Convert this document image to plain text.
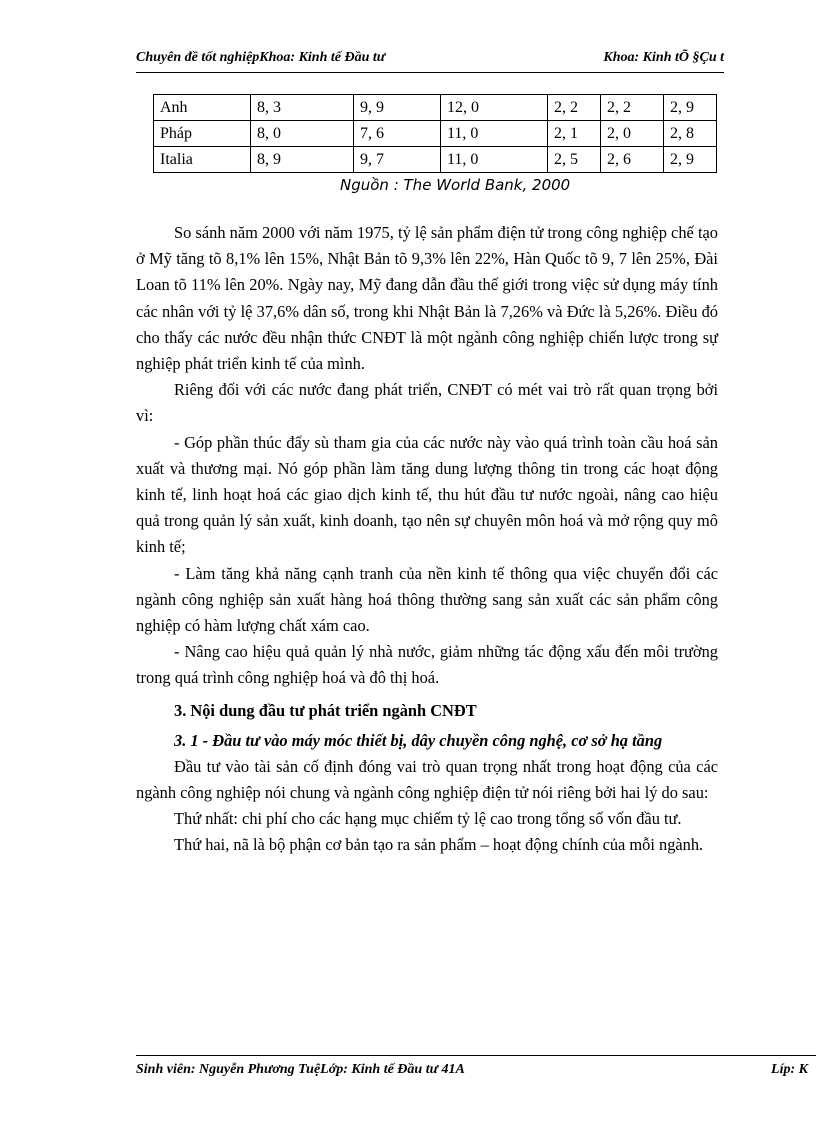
Chuyên đề tốt nghiệpKhoa: Kinh tế Đầu tư	Khoa: Kinh tÕ §Çu t
Anh	8, 3	9, 9	12, 0	2, 2	2, 2	2, 9
Pháp	8, 0	7, 6	11, 0	2, 1	2, 0	2, 8
Italia	8, 9	9, 7	11, 0	2, 5	2, 6	2, 9
Nguồn : The World Bank, 2000

So sánh năm 2000 với năm 1975, tỷ lệ sản phẩm điện tử trong công nghiệp chế tạo ở Mỹ tăng tõ 8,1% lên 15%, Nhật Bản tõ 9,3% lên 22%, Hàn Quốc tõ 9, 7 lên 25%, Đài Loan tõ 11% lên 20%. Ngày nay, Mỹ đang dẫn đầu thế giới trong việc sử dụng máy tính các nhân với tỷ lệ 37,6% dân số, trong khi Nhật Bản là 7,26% và Đức là 5,26%. Điều đó cho thấy các nước đều nhận thức CNĐT là một ngành công nghiệp chiến lược trong sự nghiệp phát triển kinh tế của mình.

Riêng đối với các nước đang phát triển, CNĐT có mét vai trò rất quan trọng bởi vì:

- Góp phần thúc đẩy sù tham gia của các nước này vào quá trình toàn cầu hoá sản xuất và thương mại. Nó góp phần làm tăng dung lượng thông tin trong các hoạt động kinh tế, linh hoạt hoá các giao dịch kinh tế, thu hút đầu tư nước ngoài, nâng cao hiệu quả trong quản lý sản xuất, kinh doanh, tạo nên sự chuyên môn hoá và mở rộng quy mô kinh tế;

- Làm tăng khả năng cạnh tranh của nền kinh tế thông qua việc chuyển đổi các ngành công nghiệp sản xuất hàng hoá thông thường sang sản xuất các sản phẩm công nghiệp có hàm lượng chất xám cao.

- Nâng cao hiệu quả quản lý nhà nước, giảm những tác động xấu đến môi trường trong quá trình công nghiệp hoá và đô thị hoá.

3. Nội dung đầu tư phát triển ngành CNĐT
3. 1 - Đầu tư vào máy móc thiết bị, dây chuyền công nghệ, cơ sở hạ tầng

Đầu tư vào tài sản cố định đóng vai trò quan trọng nhất trong hoạt động của các ngành công nghiệp nói chung và ngành công nghiệp điện tử nói riêng bởi hai lý do sau:

Thứ nhất: chi phí cho các hạng mục chiếm tỷ lệ cao trong tổng số vốn đầu tư.

Thứ hai, nã là bộ phận cơ bản tạo ra sản phẩm – hoạt động chính của mỗi ngành.

Sinh viên: Nguyễn Phương TuệLớp: Kinh tế Đầu tư 41A	Líp: K
